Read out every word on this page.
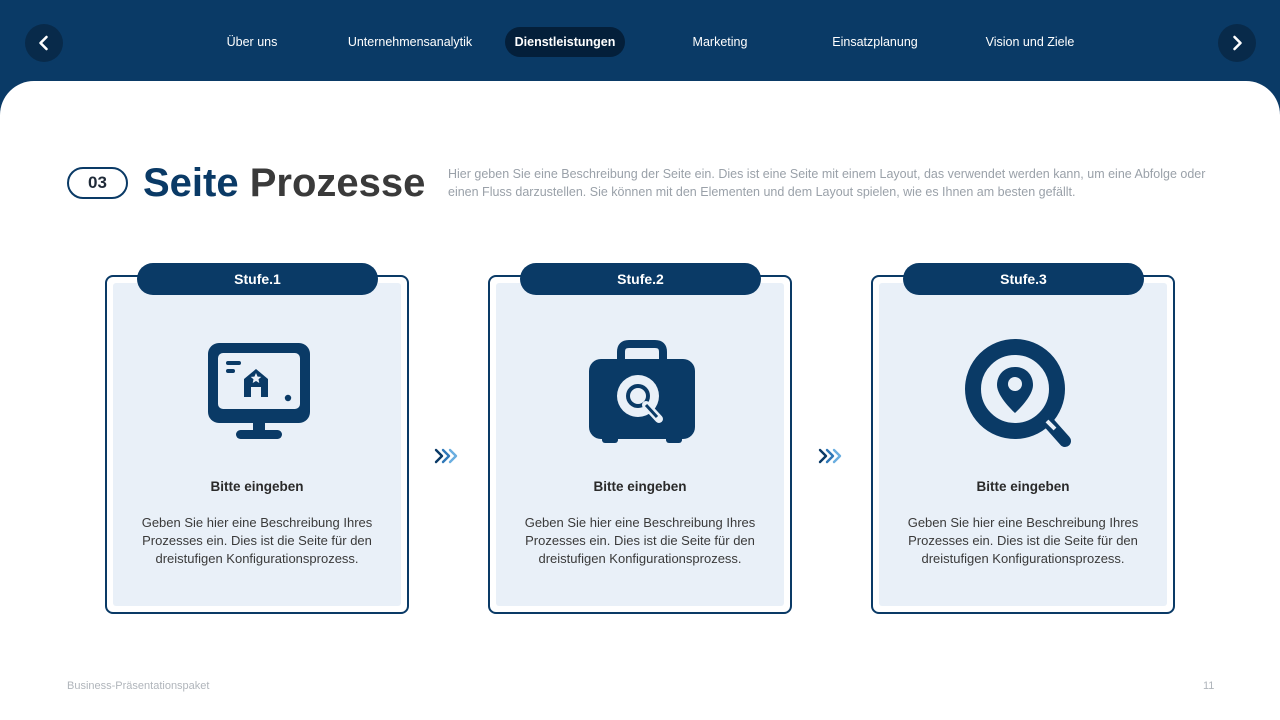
Über uns	Unternehmensanalytik	Dienstleistungen	Marketing	Einsatzplanung	Vision und Ziele
03 Seite Prozesse Hier geben Sie eine Beschreibung der Seite ein. Dies ist eine Seite mit einem Layout, das verwendet werden kann, um eine Abfolge oder einen Fluss darzustellen. Sie können mit den Elementen und dem Layout spielen, wie es Ihnen am besten gefällt.
Stufe.1
Bitte eingeben
Geben Sie hier eine Beschreibung Ihres Prozesses ein. Dies ist die Seite für den dreistufigen Konfigurationsprozess.
Stufe.2
Bitte eingeben
Geben Sie hier eine Beschreibung Ihres Prozesses ein. Dies ist die Seite für den dreistufigen Konfigurationsprozess.
Stufe.3
Bitte eingeben
Geben Sie hier eine Beschreibung Ihres Prozesses ein. Dies ist die Seite für den dreistufigen Konfigurationsprozess.
Business-Präsentationspaket	11
